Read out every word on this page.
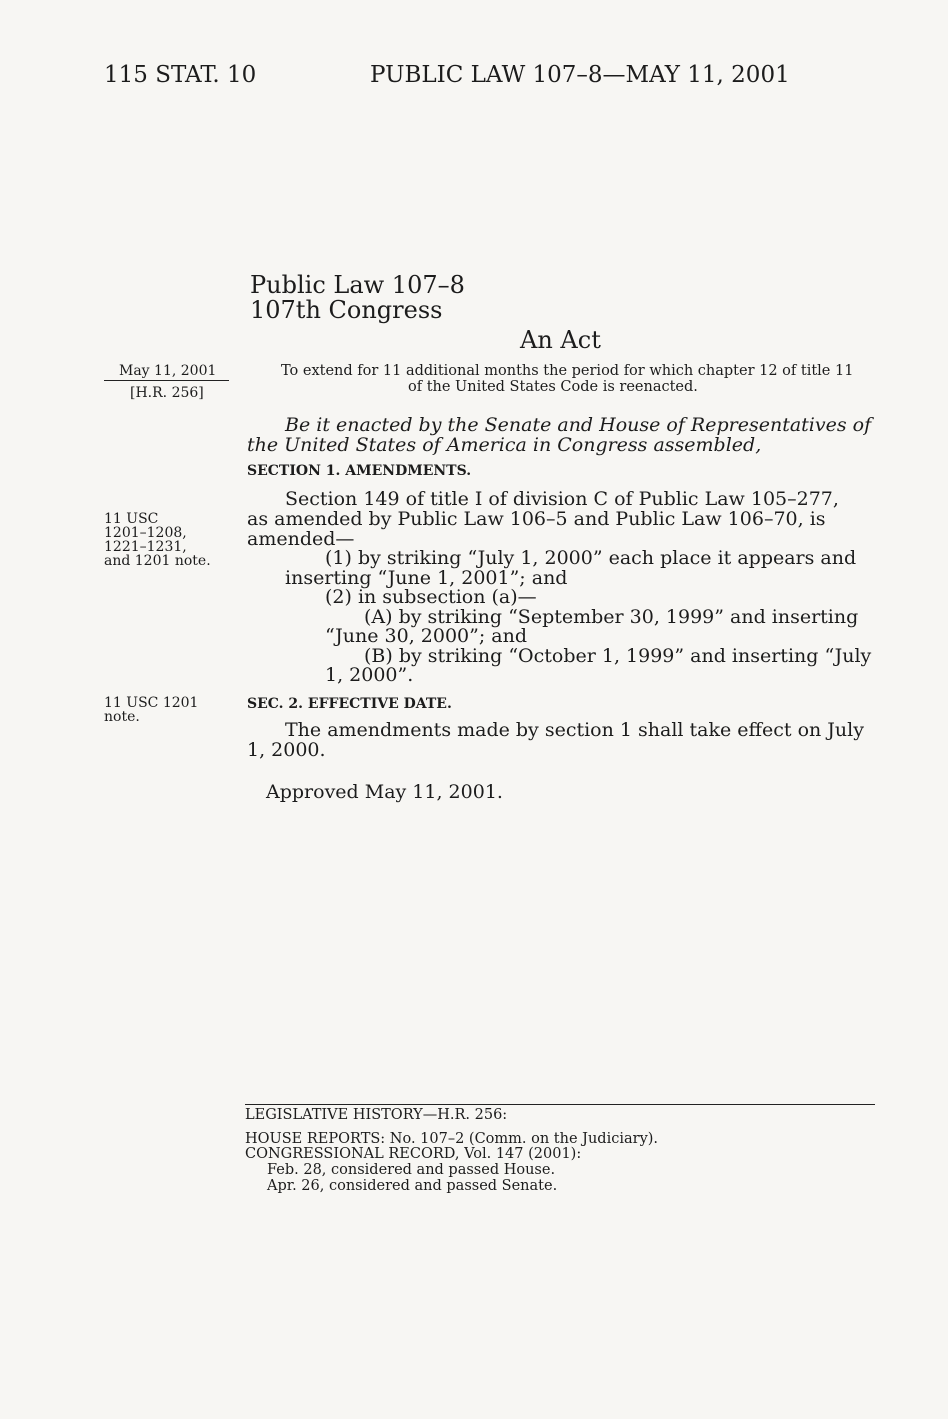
115 STAT. 10	PUBLIC LAW 107–8—MAY 11, 2001
Public Law 107–8
107th Congress
An Act
May 11, 2001
[H.R. 256]
To extend for 11 additional months the period for which chapter 12 of title 11
of the United States Code is reenacted.
Be it enacted by the Senate and House of Representatives of
the United States of America in Congress assembled,
SECTION 1. AMENDMENTS.
11 USC
1201–1208,
1221–1231,
and 1201 note.
Section 149 of title I of division C of Public Law 105–277,
as amended by Public Law 106–5 and Public Law 106–70, is
amended—
(1) by striking “July 1, 2000” each place it appears and
inserting “June 1, 2001”; and
(2) in subsection (a)—
(A) by striking “September 30, 1999” and inserting
“June 30, 2000”; and
(B) by striking “October 1, 1999” and inserting “July
1, 2000”.
11 USC 1201
note.
SEC. 2. EFFECTIVE DATE.
The amendments made by section 1 shall take effect on July
1, 2000.
Approved May 11, 2001.
LEGISLATIVE HISTORY—H.R. 256:
HOUSE REPORTS: No. 107–2 (Comm. on the Judiciary).
CONGRESSIONAL RECORD, Vol. 147 (2001):
Feb. 28, considered and passed House.
Apr. 26, considered and passed Senate.
